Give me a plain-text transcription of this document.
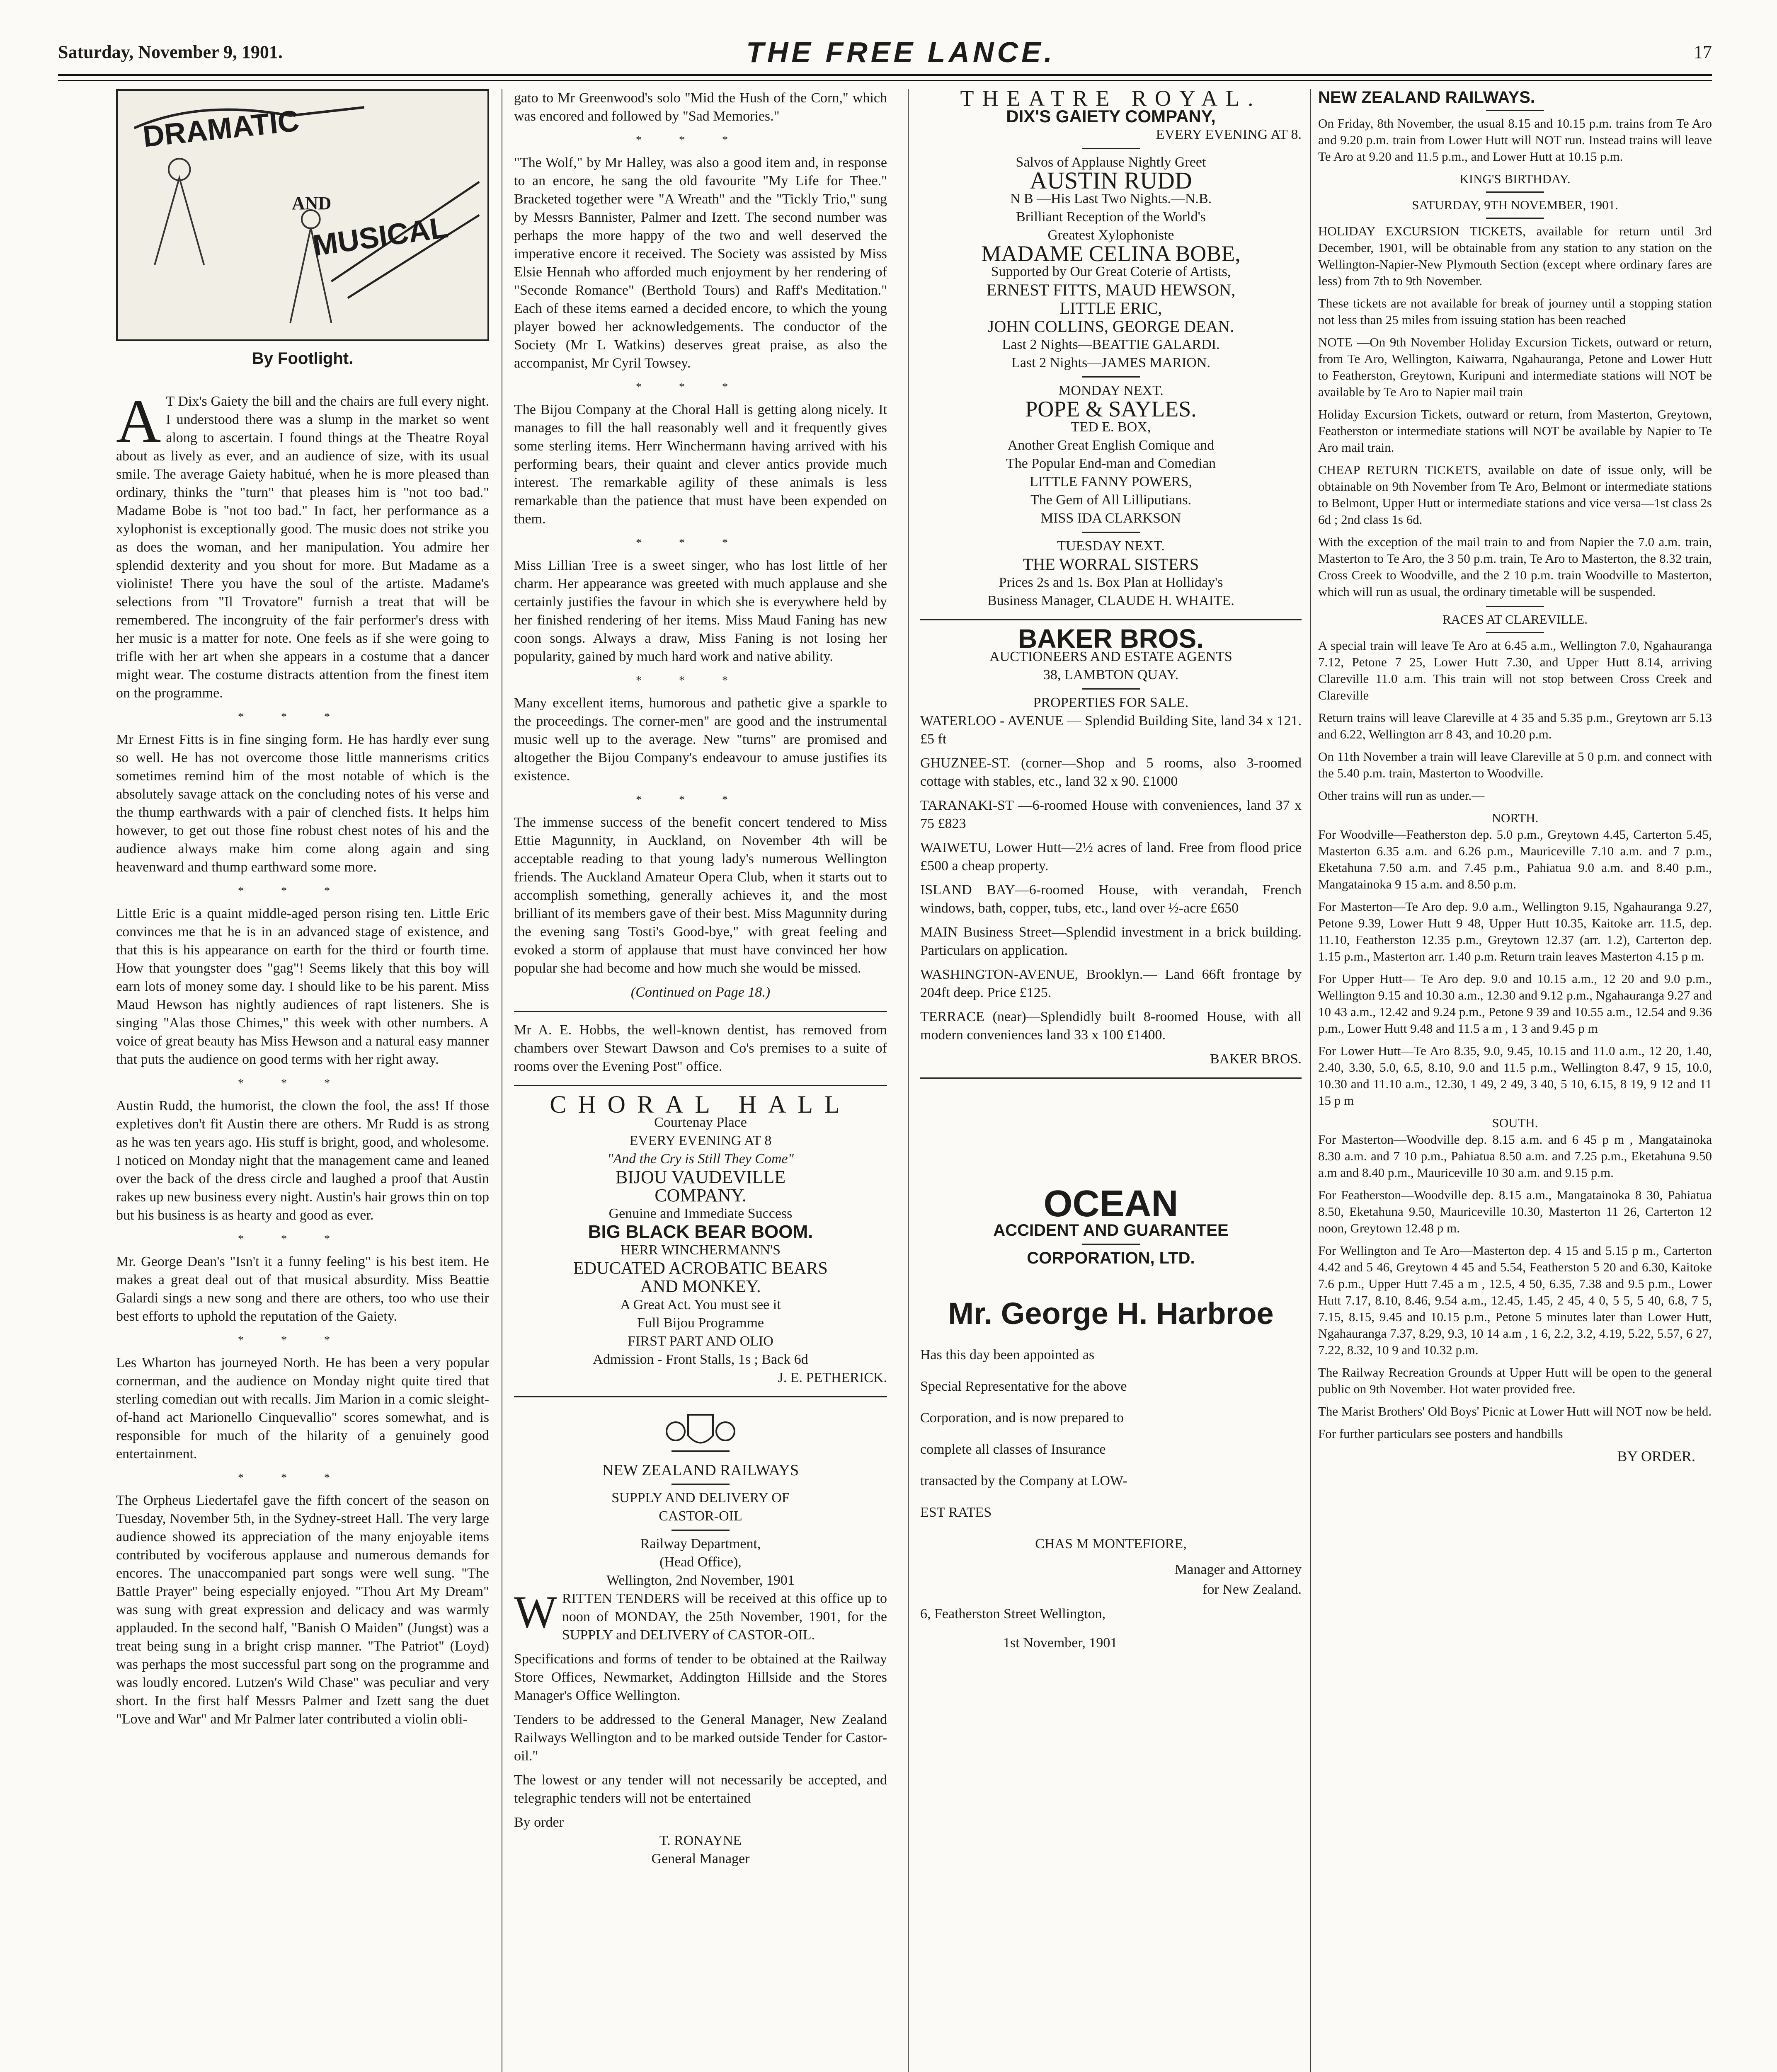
Saturday, November 9, 1901.	THE FREE LANCE.	17
DRAMATIC
AND
MUSICAL
By Footlight.

A T Dix's Gaiety the bill and the chairs are full every night. I understood there was a slump in the market so went along to ascertain. I found things at the Theatre Royal about as lively as ever, and an audience of size, with its usual smile. The average Gaiety habitué, when he is more pleased than ordinary, thinks the "turn" that pleases him is "not too bad." Madame Bobe is "not too bad." In fact, her performance as a xylophonist is exceptionally good. The music does not strike you as does the woman, and her manipulation. You admire her splendid dexterity and you shout for more. But Madame as a violiniste! There you have the soul of the artiste. Madame's selections from "Il Trovatore" furnish a treat that will be remembered. The incongruity of the fair performer's dress with her music is a matter for note. One feels as if she were going to trifle with her art when she appears in a costume that a dancer might wear. The costume distracts attention from the finest item on the programme.

***

Mr Ernest Fitts is in fine singing form. He has hardly ever sung so well. He has not overcome those little mannerisms critics sometimes remind him of the most notable of which is the absolutely savage attack on the concluding notes of his verse and the thump earthwards with a pair of clenched fists. It helps him however, to get out those fine robust chest notes of his and the audience always make him come along again and sing heavenward and thump earthward some more.

***

Little Eric is a quaint middle-aged person rising ten. Little Eric convinces me that he is in an advanced stage of existence, and that this is his appearance on earth for the third or fourth time. How that youngster does "gag"! Seems likely that this boy will earn lots of money some day. I should like to be his parent. Miss Maud Hewson has nightly audiences of rapt listeners. She is singing "Alas those Chimes," this week with other numbers. A voice of great beauty has Miss Hewson and a natural easy manner that puts the audience on good terms with her right away.

***

Austin Rudd, the humorist, the clown the fool, the ass! If those expletives don't fit Austin there are others. Mr Rudd is as strong as he was ten years ago. His stuff is bright, good, and wholesome. I noticed on Monday night that the management came and leaned over the back of the dress circle and laughed a proof that Austin rakes up new business every night. Austin's hair grows thin on top but his business is as hearty and good as ever.

***

Mr. George Dean's "Isn't it a funny feeling" is his best item. He makes a great deal out of that musical absurdity. Miss Beattie Galardi sings a new song and there are others, too who use their best efforts to uphold the reputation of the Gaiety.

***

Les Wharton has journeyed North. He has been a very popular cornerman, and the audience on Monday night quite tired that sterling comedian out with recalls. Jim Marion in a comic sleight-of-hand act Marionello Cinquevallio" scores somewhat, and is responsible for much of the hilarity of a genuinely good entertainment.

***

The Orpheus Liedertafel gave the fifth concert of the season on Tuesday, November 5th, in the Sydney-street Hall. The very large audience showed its appreciation of the many enjoyable items contributed by vociferous applause and numerous demands for encores. The unaccompanied part songs were well sung. "The Battle Prayer" being especially enjoyed. "Thou Art My Dream" was sung with great expression and delicacy and was warmly applauded. In the second half, "Banish O Maiden" (Jungst) was a treat being sung in a bright crisp manner. "The Patriot" (Loyd) was perhaps the most successful part song on the programme and was loudly encored. Lutzen's Wild Chase" was peculiar and very short. In the first half Messrs Palmer and Izett sang the duet "Love and War" and Mr Palmer later contributed a violin obli-

gato to Mr Greenwood's solo "Mid the Hush of the Corn," which was encored and followed by "Sad Memories."

***

"The Wolf," by Mr Halley, was also a good item and, in response to an encore, he sang the old favourite "My Life for Thee." Bracketed together were "A Wreath" and the "Tickly Trio," sung by Messrs Bannister, Palmer and Izett. The second number was perhaps the more happy of the two and well deserved the imperative encore it received. The Society was assisted by Miss Elsie Hennah who afforded much enjoyment by her rendering of "Seconde Romance" (Berthold Tours) and Raff's Meditation." Each of these items earned a decided encore, to which the young player bowed her acknowledgements. The conductor of the Society (Mr L Watkins) deserves great praise, as also the accompanist, Mr Cyril Towsey.

***

The Bijou Company at the Choral Hall is getting along nicely. It manages to fill the hall reasonably well and it frequently gives some sterling items. Herr Winchermann having arrived with his performing bears, their quaint and clever antics provide much interest. The remarkable agility of these animals is less remarkable than the patience that must have been expended on them.

***

Miss Lillian Tree is a sweet singer, who has lost little of her charm. Her appearance was greeted with much applause and she certainly justifies the favour in which she is everywhere held by her finished rendering of her items. Miss Maud Faning has new coon songs. Always a draw, Miss Faning is not losing her popularity, gained by much hard work and native ability.

***

Many excellent items, humorous and pathetic give a sparkle to the proceedings. The corner-men" are good and the instrumental music well up to the average. New "turns" are promised and altogether the Bijou Company's endeavour to amuse justifies its existence.

***

The immense success of the benefit concert tendered to Miss Ettie Magunnity, in Auckland, on November 4th will be acceptable reading to that young lady's numerous Wellington friends. The Auckland Amateur Opera Club, when it starts out to accomplish something, generally achieves it, and the most brilliant of its members gave of their best. Miss Magunnity during the evening sang Tosti's Good-bye," with great feeling and evoked a storm of applause that must have convinced her how popular she had become and how much she would be missed.

(Continued on Page 18.)

Mr A. E. Hobbs, the well-known dentist, has removed from chambers over Stewart Dawson and Co's premises to a suite of rooms over the Evening Post" office.

CHORAL HALL
Courtenay Place
EVERY EVENING AT 8
"And the Cry is Still They Come"
BIJOU VAUDEVILLE
COMPANY.
Genuine and Immediate Success
BIG BLACK BEAR BOOM.
HERR WINCHERMANN'S
EDUCATED ACROBATIC BEARS
AND MONKEY.
A Great Act. You must see it
Full Bijou Programme
FIRST PART AND OLIO
Admission - Front Stalls, 1s ; Back 6d
J. E. PETHERICK.
NEW ZEALAND RAILWAYS
SUPPLY AND DELIVERY OF
CASTOR-OIL
Railway Department,
(Head Office),
Wellington, 2nd November, 1901

WRITTEN TENDERS will be received at this office up to noon of MONDAY, the 25th November, 1901, for the SUPPLY and DELIVERY of CASTOR-OIL.

Specifications and forms of tender to be obtained at the Railway Store Offices, Newmarket, Addington Hillside and the Stores Manager's Office Wellington.

Tenders to be addressed to the General Manager, New Zealand Railways Wellington and to be marked outside Tender for Castor-oil."

The lowest or any tender will not necessarily be accepted, and telegraphic tenders will not be entertained

By order
T. RONAYNE
General Manager
THEATRE ROYAL.
DIX'S GAIETY COMPANY,
EVERY EVENING AT 8.
Salvos of Applause Nightly Greet
AUSTIN RUDD
N B —His Last Two Nights.—N.B.
Brilliant Reception of the World's
Greatest Xylophoniste
MADAME CELINA BOBE,
Supported by Our Great Coterie of Artists,
ERNEST FITTS, MAUD HEWSON,
LITTLE ERIC,
JOHN COLLINS, GEORGE DEAN.
Last 2 Nights—BEATTIE GALARDI.
Last 2 Nights—JAMES MARION.
MONDAY NEXT.
POPE & SAYLES.
TED E. BOX,
Another Great English Comique and
The Popular End-man and Comedian
LITTLE FANNY POWERS,
The Gem of All Lilliputians.
MISS IDA CLARKSON
TUESDAY NEXT.
THE WORRAL SISTERS
Prices 2s and 1s. Box Plan at Holliday's
Business Manager, CLAUDE H. WHAITE.
BAKER BROS.
AUCTIONEERS AND ESTATE AGENTS
38, LAMBTON QUAY.
PROPERTIES FOR SALE.

WATERLOO - AVENUE — Splendid Building Site, land 34 x 121. £5 ft

GHUZNEE-ST. (corner—Shop and 5 rooms, also 3-roomed cottage with stables, etc., land 32 x 90. £1000

TARANAKI-ST —6-roomed House with conveniences, land 37 x 75 £823

WAIWETU, Lower Hutt—2½ acres of land. Free from flood price £500 a cheap property.

ISLAND BAY—6-roomed House, with verandah, French windows, bath, copper, tubs, etc., land over ½-acre £650

MAIN Business Street—Splendid investment in a brick building. Particulars on application.

WASHINGTON-AVENUE, Brooklyn.— Land 66ft frontage by 204ft deep. Price £125.

TERRACE (near)—Splendidly built 8-roomed House, with all modern conveniences land 33 x 100 £1400.

BAKER BROS.

OCEAN
ACCIDENT AND GUARANTEE
CORPORATION, LTD.
Mr. George H. Harbroe
Has this day been appointed as
Special Representative for the above
Corporation, and is now prepared to
complete all classes of Insurance
transacted by the Company at LOW-
EST RATES
CHAS M MONTEFIORE,
Manager and Attorney
for New Zealand.
6, Featherston Street Wellington,
1st November, 1901
NEW ZEALAND RAILWAYS.

On Friday, 8th November, the usual 8.15 and 10.15 p.m. trains from Te Aro and 9.20 p.m. train from Lower Hutt will NOT run. Instead trains will leave Te Aro at 9.20 and 11.5 p.m., and Lower Hutt at 10.15 p.m.

KING'S BIRTHDAY.
SATURDAY, 9TH NOVEMBER, 1901.

HOLIDAY EXCURSION TICKETS, available for return until 3rd December, 1901, will be obtainable from any station to any station on the Wellington-Napier-New Plymouth Section (except where ordinary fares are less) from 7th to 9th November.

These tickets are not available for break of journey until a stopping station not less than 25 miles from issuing station has been reached

NOTE —On 9th November Holiday Excursion Tickets, outward or return, from Te Aro, Wellington, Kaiwarra, Ngahauranga, Petone and Lower Hutt to Featherston, Greytown, Kuripuni and intermediate stations will NOT be available by Te Aro to Napier mail train

Holiday Excursion Tickets, outward or return, from Masterton, Greytown, Featherston or intermediate stations will NOT be available by Napier to Te Aro mail train.

CHEAP RETURN TICKETS, available on date of issue only, will be obtainable on 9th November from Te Aro, Belmont or intermediate stations to Belmont, Upper Hutt or intermediate stations and vice versa—1st class 2s 6d ; 2nd class 1s 6d.

With the exception of the mail train to and from Napier the 7.0 a.m. train, Masterton to Te Aro, the 3 50 p.m. train, Te Aro to Masterton, the 8.32 train, Cross Creek to Woodville, and the 2 10 p.m. train Woodville to Masterton, which will run as usual, the ordinary timetable will be suspended.

RACES AT CLAREVILLE.

A special train will leave Te Aro at 6.45 a.m., Wellington 7.0, Ngahauranga 7.12, Petone 7 25, Lower Hutt 7.30, and Upper Hutt 8.14, arriving Clareville 11.0 a.m. This train will not stop between Cross Creek and Clareville

Return trains will leave Clareville at 4 35 and 5.35 p.m., Greytown arr 5.13 and 6.22, Wellington arr 8 43, and 10.20 p.m.

On 11th November a train will leave Clareville at 5 0 p.m. and connect with the 5.40 p.m. train, Masterton to Woodville.

Other trains will run as under.—

NORTH.

For Woodville—Featherston dep. 5.0 p.m., Greytown 4.45, Carterton 5.45, Masterton 6.35 a.m. and 6.26 p.m., Mauriceville 7.10 a.m. and 7 p.m., Eketahuna 7.50 a.m. and 7.45 p.m., Pahiatua 9.0 a.m. and 8.40 p.m., Mangatainoka 9 15 a.m. and 8.50 p.m.

For Masterton—Te Aro dep. 9.0 a.m., Wellington 9.15, Ngahauranga 9.27, Petone 9.39, Lower Hutt 9 48, Upper Hutt 10.35, Kaitoke arr. 11.5, dep. 11.10, Featherston 12.35 p.m., Greytown 12.37 (arr. 1.2), Carterton dep. 1.15 p.m., Masterton arr. 1.40 p.m. Return train leaves Masterton 4.15 p m.

For Upper Hutt— Te Aro dep. 9.0 and 10.15 a.m., 12 20 and 9.0 p.m., Wellington 9.15 and 10.30 a.m., 12.30 and 9.12 p.m., Ngahauranga 9.27 and 10 43 a.m., 12.42 and 9.24 p.m., Petone 9 39 and 10.55 a.m., 12.54 and 9.36 p.m., Lower Hutt 9.48 and 11.5 a m , 1 3 and 9.45 p m

For Lower Hutt—Te Aro 8.35, 9.0, 9.45, 10.15 and 11.0 a.m., 12 20, 1.40, 2.40, 3.30, 5.0, 6.5, 8.10, 9.0 and 11.5 p.m., Wellington 8.47, 9 15, 10.0, 10.30 and 11.10 a.m., 12.30, 1 49, 2 49, 3 40, 5 10, 6.15, 8 19, 9 12 and 11 15 p m

SOUTH.

For Masterton—Woodville dep. 8.15 a.m. and 6 45 p m , Mangatainoka 8.30 a.m. and 7 10 p.m., Pahiatua 8.50 a.m. and 7.25 p.m., Eketahuna 9.50 a.m and 8.40 p.m., Mauriceville 10 30 a.m. and 9.15 p.m.

For Featherston—Woodville dep. 8.15 a.m., Mangatainoka 8 30, Pahiatua 8.50, Eketahuna 9.50, Mauriceville 10.30, Masterton 11 26, Carterton 12 noon, Greytown 12.48 p m.

For Wellington and Te Aro—Masterton dep. 4 15 and 5.15 p m., Carterton 4.42 and 5 46, Greytown 4 45 and 5.54, Featherston 5 20 and 6.30, Kaitoke 7.6 p.m., Upper Hutt 7.45 a m , 12.5, 4 50, 6.35, 7.38 and 9.5 p.m., Lower Hutt 7.17, 8.10, 8.46, 9.54 a.m., 12.45, 1.45, 2 45, 4 0, 5 5, 5 40, 6.8, 7 5, 7.15, 8.15, 9.45 and 10.15 p.m., Petone 5 minutes later than Lower Hutt, Ngahauranga 7.37, 8.29, 9.3, 10 14 a.m , 1 6, 2.2, 3.2, 4.19, 5.22, 5.57, 6 27, 7.22, 8.32, 10 9 and 10.32 p.m.

The Railway Recreation Grounds at Upper Hutt will be open to the general public on 9th November. Hot water provided free.

The Marist Brothers' Old Boys' Picnic at Lower Hutt will NOT now be held.

For further particulars see posters and handbills

BY ORDER.
